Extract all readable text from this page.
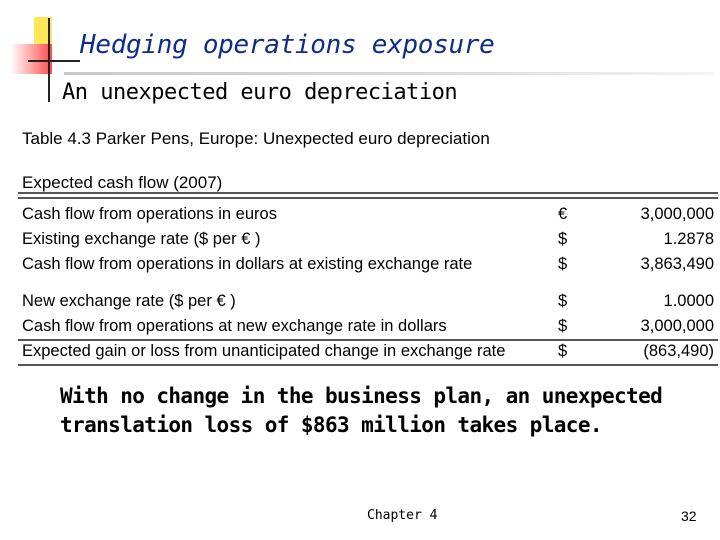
Hedging operations exposure
An unexpected euro depreciation
Table 4.3 Parker Pens, Europe: Unexpected euro depreciation
Expected cash flow (2007)
Cash flow from operations in euros	€	3,000,000
Existing exchange rate ($ per € )	$	1.2878
Cash flow from operations in dollars at existing exchange rate	$	3,863,490
New exchange rate ($ per € )	$	1.0000
Cash flow from operations at new exchange rate in dollars	$	3,000,000
Expected gain or loss from unanticipated change in exchange rate	$	(863,490)
With no change in the business plan, an unexpected translation loss of $863 million takes place.
Chapter 4	32
